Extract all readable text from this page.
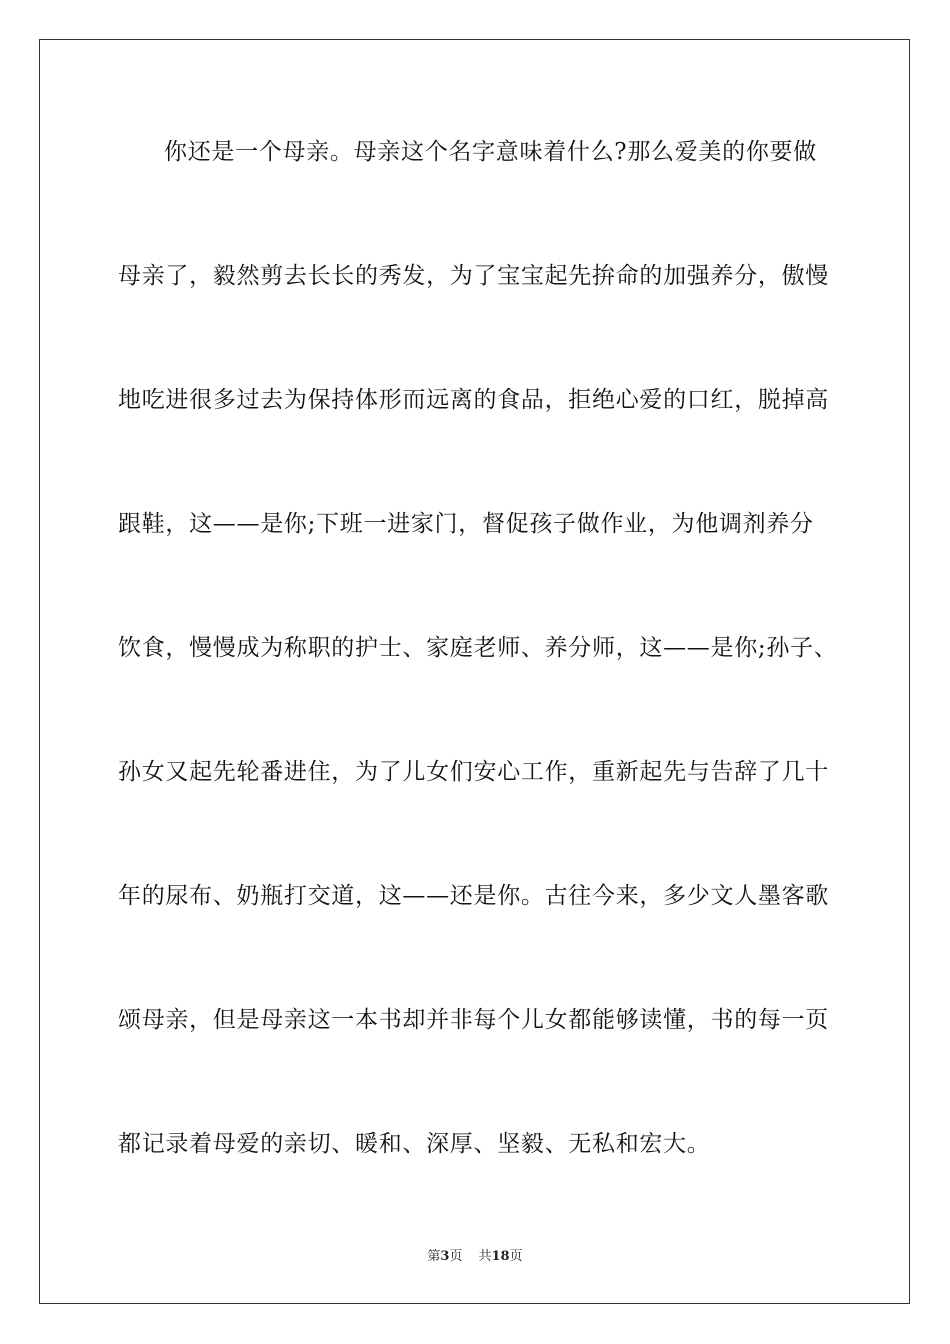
你还是一个母亲。母亲这个名字意味着什么?那么爱美的你要做
母亲了，毅然剪去长长的秀发，为了宝宝起先拚命的加强养分，傲慢
地吃进很多过去为保持体形而远离的食品，拒绝心爱的口红，脱掉高
跟鞋，这——是你;下班一进家门，督促孩子做作业，为他调剂养分
饮食，慢慢成为称职的护士、家庭老师、养分师，这——是你;孙子、
孙女又起先轮番进住，为了儿女们安心工作，重新起先与告辞了几十
年的尿布、奶瓶打交道，这——还是你。古往今来，多少文人墨客歌
颂母亲，但是母亲这一本书却并非每个儿女都能够读懂，书的每一页
都记录着母爱的亲切、暖和、深厚、坚毅、无私和宏大。
第3页 共18页
